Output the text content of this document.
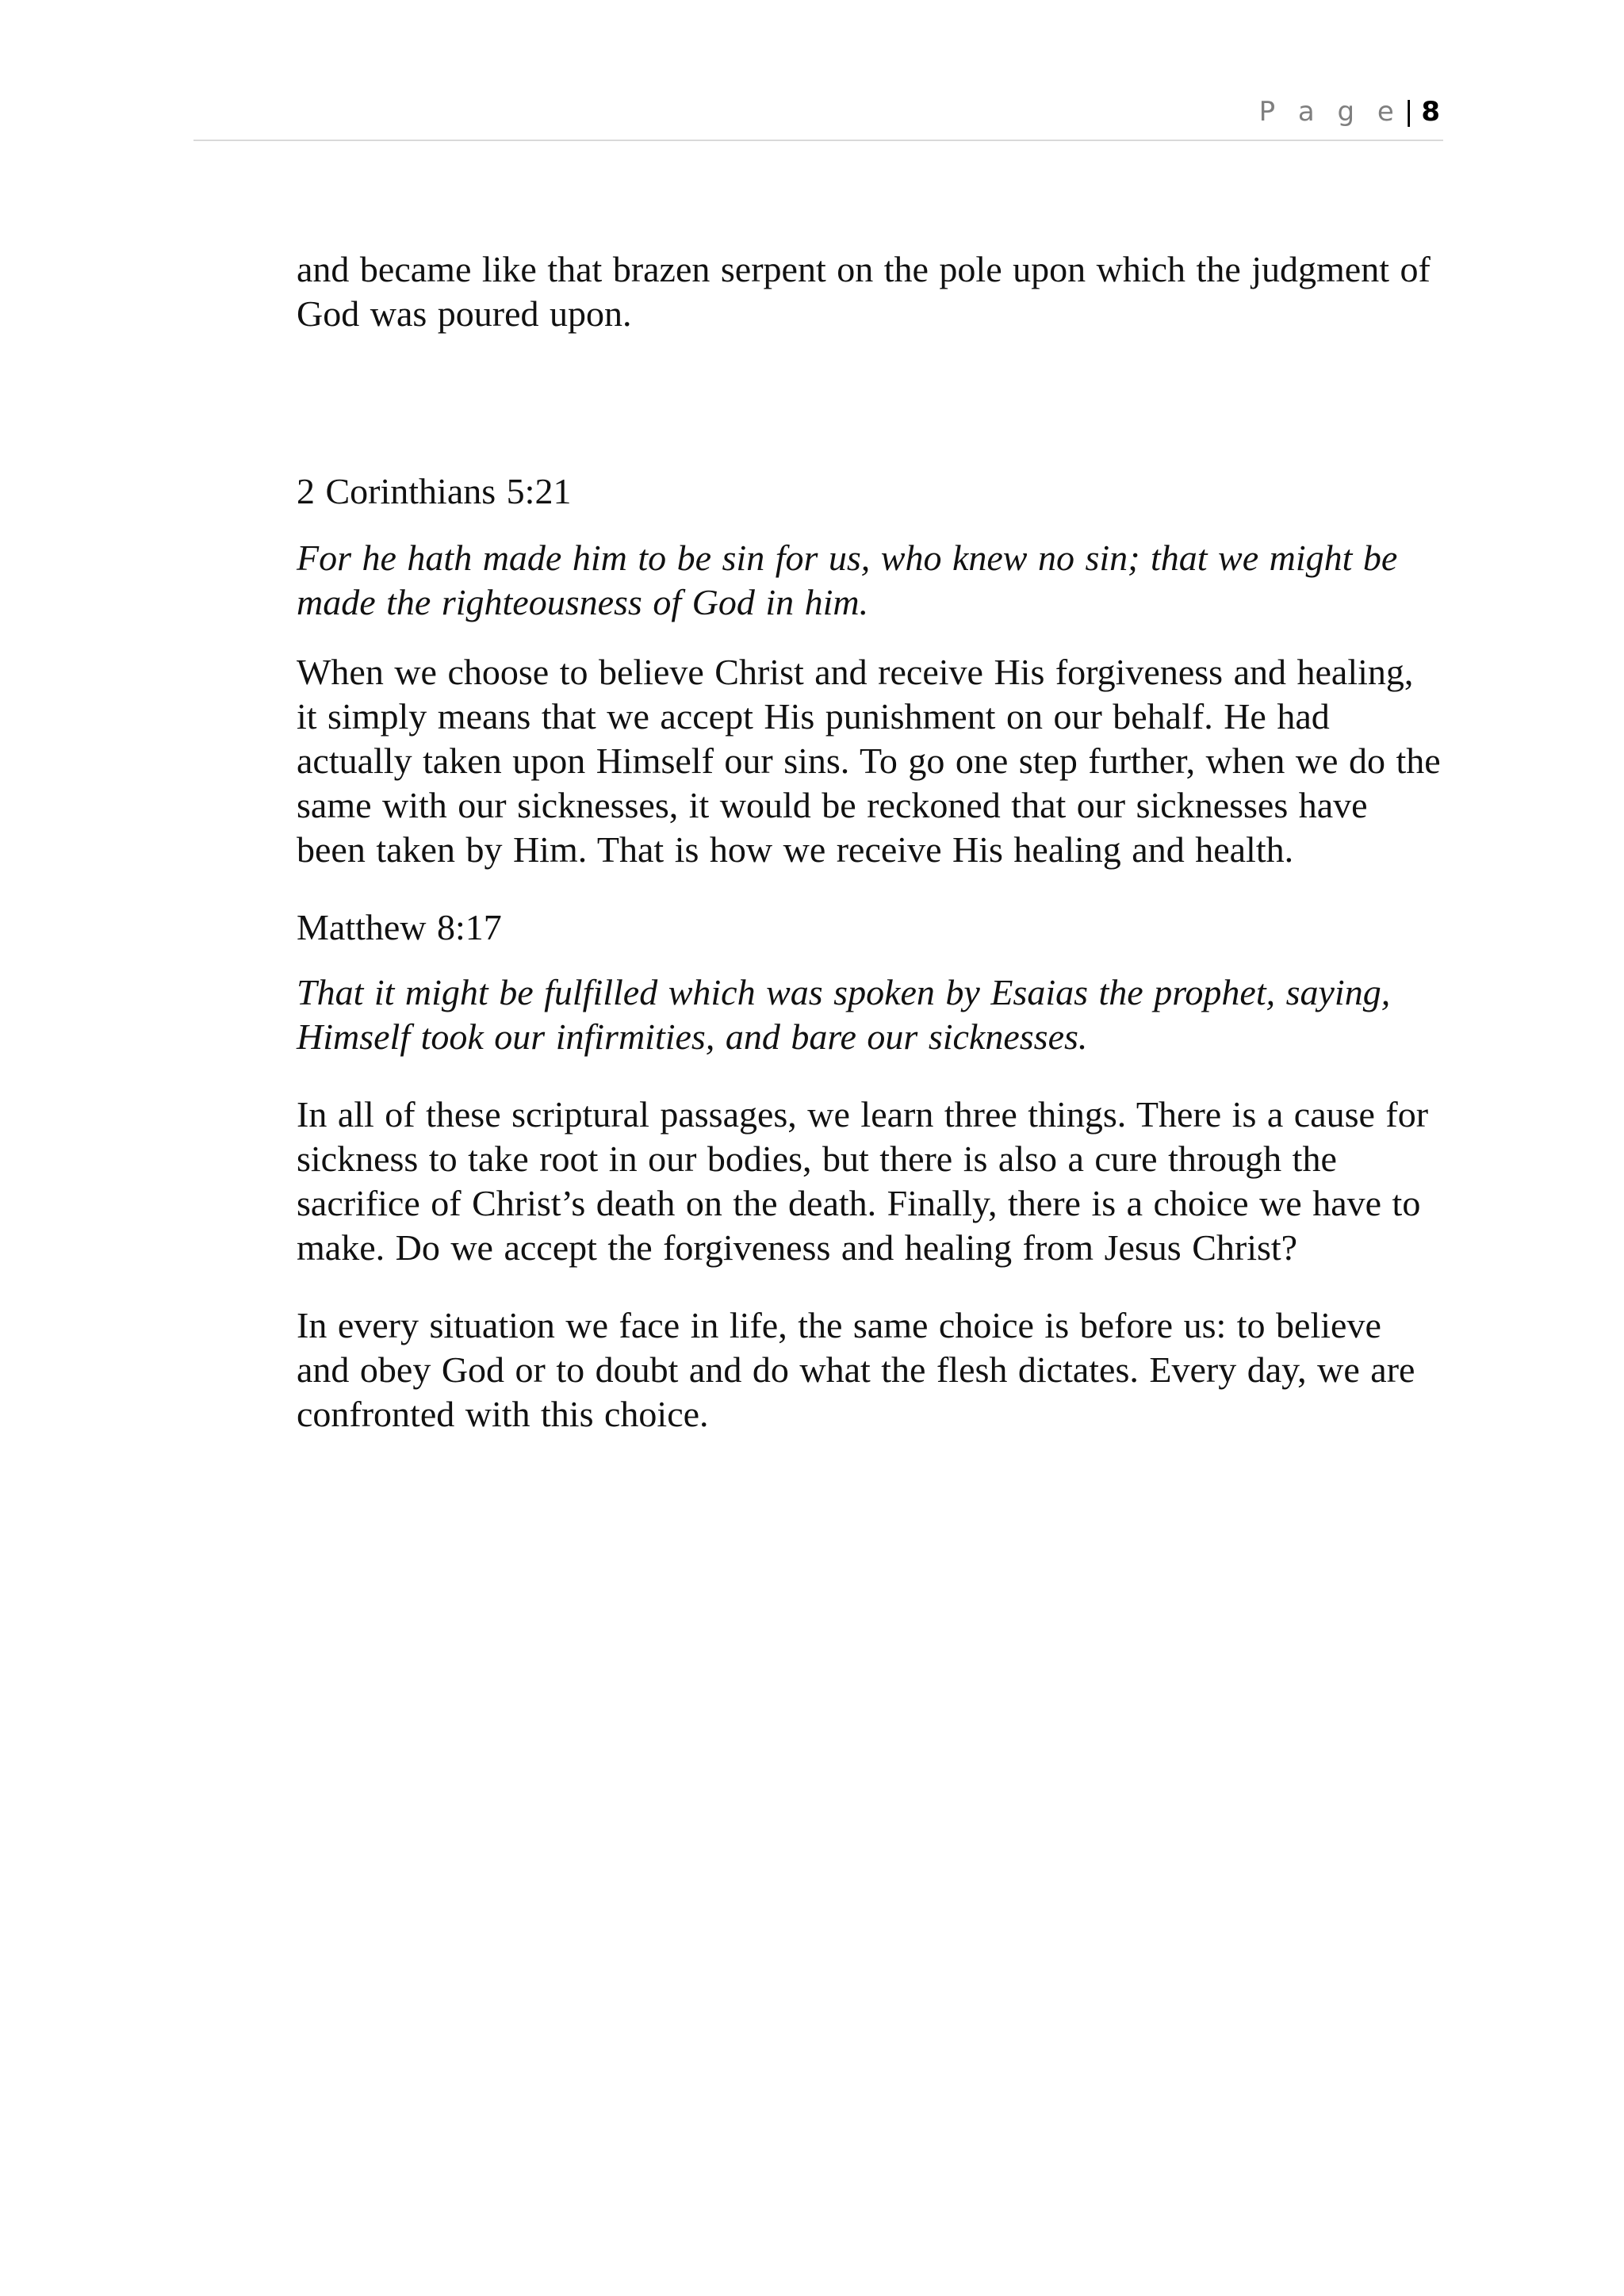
P a g e | 8

and became like that brazen serpent on the pole upon which the judgment of God was poured upon.

2 Corinthians 5:21

For he hath made him to be sin for us, who knew no sin; that we might be made the righteousness of God in him.

When we choose to believe Christ and receive His forgiveness and healing, it simply means that we accept His punishment on our behalf. He had actually taken upon Himself our sins. To go one step further, when we do the same with our sicknesses, it would be reckoned that our sicknesses have been taken by Him. That is how we receive His healing and health.

Matthew 8:17

That it might be fulfilled which was spoken by Esaias the prophet, saying, Himself took our infirmities, and bare our sicknesses.

In all of these scriptural passages, we learn three things. There is a cause for sickness to take root in our bodies, but there is also a cure through the sacrifice of Christ’s death on the death. Finally, there is a choice we have to make. Do we accept the forgiveness and healing from Jesus Christ?

In every situation we face in life, the same choice is before us: to believe and obey God or to doubt and do what the flesh dictates. Every day, we are confronted with this choice.
